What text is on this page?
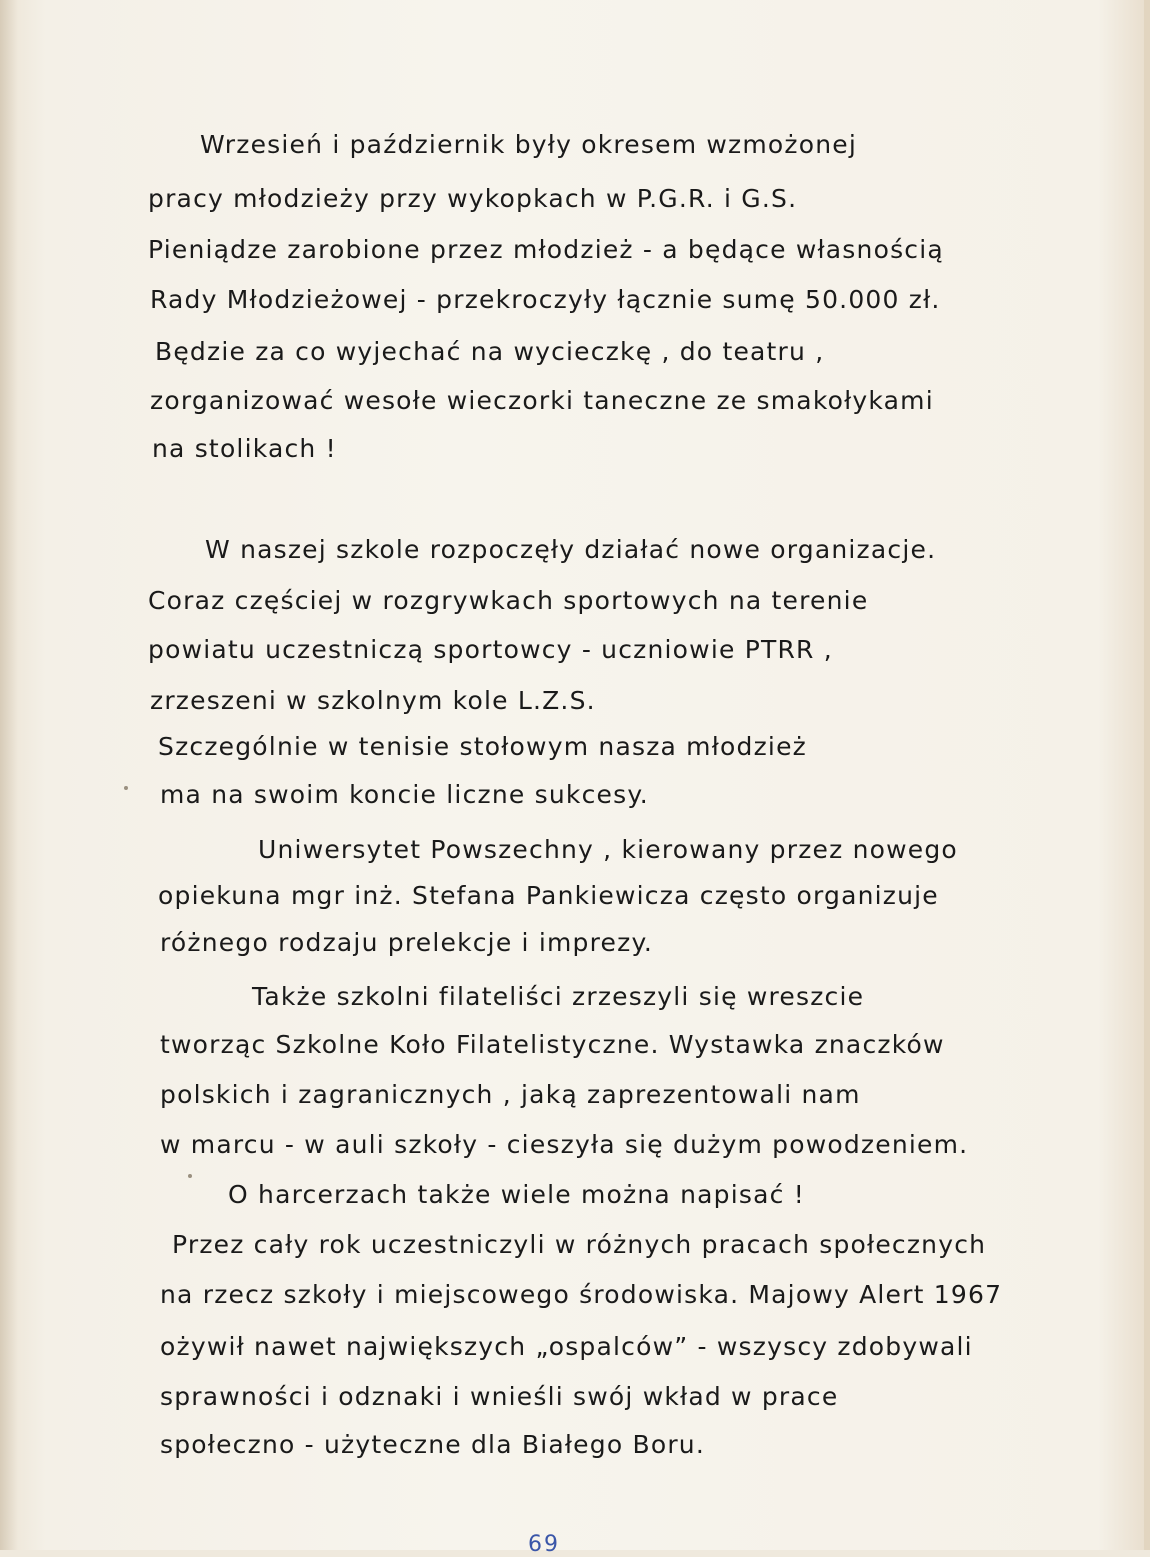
Wrzesień i październik były okresem wzmożonej

pracy młodzieży przy wykopkach w P.G.R. i G.S.

Pieniądze zarobione przez młodzież - a będące własnością

Rady Młodzieżowej - przekroczyły łącznie sumę 50.000 zł.

Będzie za co wyjechać na wycieczkę , do teatru ,

zorganizować wesołe wieczorki taneczne ze smakołykami

na stolikach !

W naszej szkole rozpoczęły działać nowe organizacje.

Coraz częściej w rozgrywkach sportowych na terenie

powiatu uczestniczą sportowcy - uczniowie PTRR ,

zrzeszeni w szkolnym kole L.Z.S.

Szczególnie w tenisie stołowym nasza młodzież

ma na swoim koncie liczne sukcesy.

Uniwersytet Powszechny , kierowany przez nowego

opiekuna mgr inż. Stefana Pankiewicza często organizuje

różnego rodzaju prelekcje i imprezy.

Także szkolni filateliści zrzeszyli się wreszcie

tworząc Szkolne Koło Filatelistyczne. Wystawka znaczków

polskich i zagranicznych , jaką zaprezentowali nam

w marcu - w auli szkoły - cieszyła się dużym powodzeniem.

O harcerzach także wiele można napisać !

Przez cały rok uczestniczyli w różnych pracach społecznych

na rzecz szkoły i miejscowego środowiska. Majowy Alert 1967

ożywił nawet największych „ospalców” - wszyscy zdobywali

sprawności i odznaki i wnieśli swój wkład w prace

społeczno - użyteczne dla Białego Boru.

69
